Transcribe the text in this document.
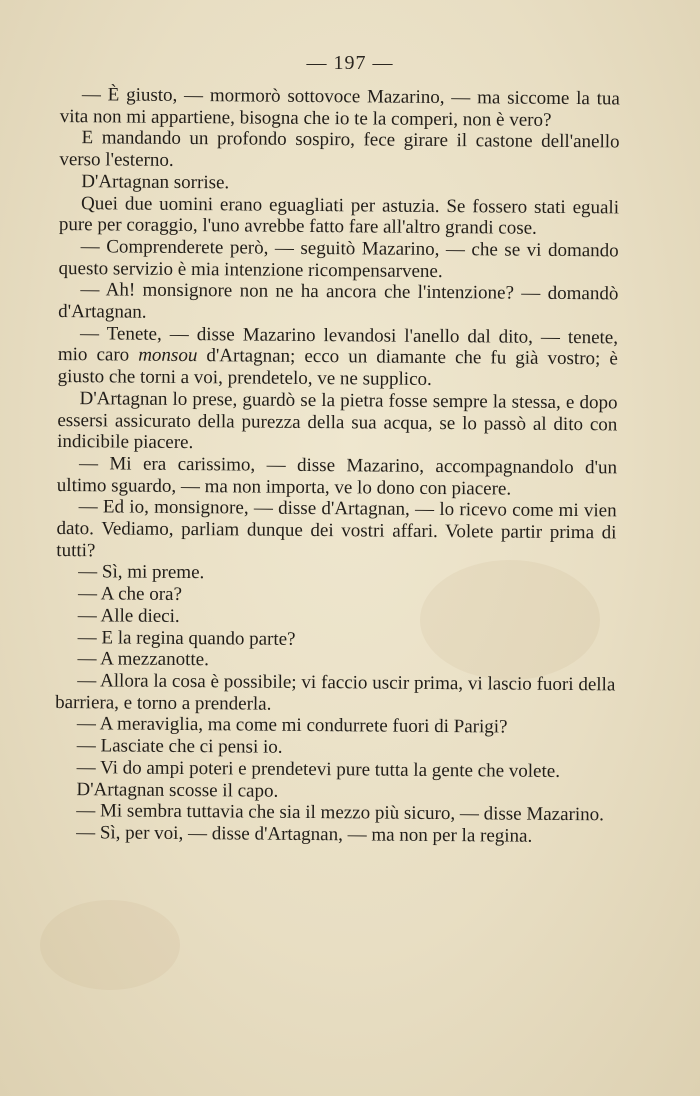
— 197 —

— È giusto, — mormorò sottovoce Mazarino, — ma siccome la tua vita non mi appartiene, bisogna che io te la comperi, non è vero?

E mandando un profondo sospiro, fece girare il castone dell'anello verso l'esterno.

D'Artagnan sorrise.

Quei due uomini erano eguagliati per astuzia. Se fossero stati eguali pure per coraggio, l'uno avrebbe fatto fare all'altro grandi cose.

— Comprenderete però, — seguitò Mazarino, — che se vi domando questo servizio è mia intenzione ricompensarvene.

— Ah! monsignore non ne ha ancora che l'intenzione? — domandò d'Artagnan.

— Tenete, — disse Mazarino levandosi l'anello dal dito, — tenete, mio caro monsou d'Artagnan; ecco un diamante che fu già vostro; è giusto che torni a voi, prendetelo, ve ne supplico.

D'Artagnan lo prese, guardò se la pietra fosse sempre la stessa, e dopo essersi assicurato della purezza della sua acqua, se lo passò al dito con indicibile piacere.

— Mi era carissimo, — disse Mazarino, accompagnandolo d'un ultimo sguardo, — ma non importa, ve lo dono con piacere.

— Ed io, monsignore, — disse d'Artagnan, — lo ricevo come mi vien dato. Vediamo, parliam dunque dei vostri affari. Volete partir prima di tutti?

— Sì, mi preme.

— A che ora?

— Alle dieci.

— E la regina quando parte?

— A mezzanotte.

— Allora la cosa è possibile; vi faccio uscir prima, vi lascio fuori della barriera, e torno a prenderla.

— A meraviglia, ma come mi condurrete fuori di Parigi?

— Lasciate che ci pensi io.

— Vi do ampi poteri e prendetevi pure tutta la gente che volete.

D'Artagnan scosse il capo.

— Mi sembra tuttavia che sia il mezzo più sicuro, — disse Mazarino.

— Sì, per voi, — disse d'Artagnan, — ma non per la regina.
